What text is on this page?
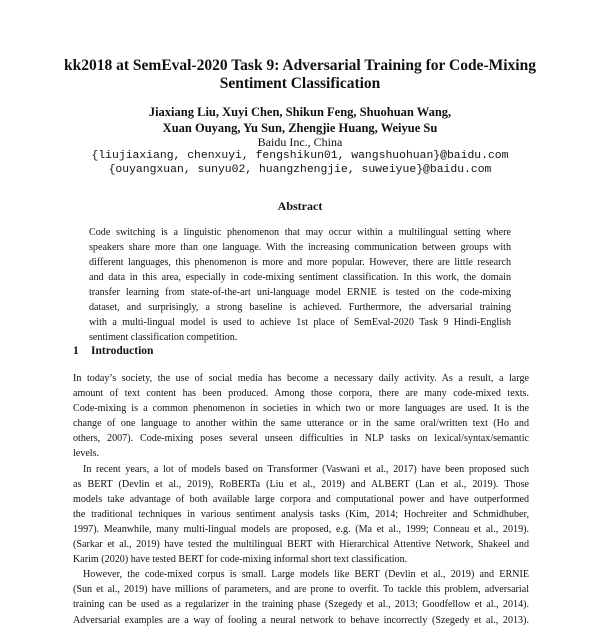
kk2018 at SemEval-2020 Task 9: Adversarial Training for Code-Mixing
Sentiment Classification
Jiaxiang Liu, Xuyi Chen, Shikun Feng, Shuohuan Wang,
Xuan Ouyang, Yu Sun, Zhengjie Huang, Weiyue Su
Baidu Inc., China
{liujiaxiang, chenxuyi, fengshikun01, wangshuohuan}@baidu.com
{ouyangxuan, sunyu02, huangzhengjie, suweiyue}@baidu.com
Abstract
Code switching is a linguistic phenomenon that may occur within a multilingual setting where
speakers share more than one language. With the increasing communication between groups with
different languages, this phenomenon is more and more popular. However, there are little research
and data in this area, especially in code-mixing sentiment classification. In this work, the domain
transfer learning from state-of-the-art uni-language model ERNIE is tested on the code-mixing
dataset, and surprisingly, a strong baseline is achieved. Furthermore, the adversarial training
with a multi-lingual model is used to achieve 1st place of SemEval-2020 Task 9 Hindi-English
sentiment classification competition.
1 Introduction
In today’s society, the use of social media has become a necessary daily activity. As a result, a large
amount of text content has been produced. Among those corpora, there are many code-mixed texts.
Code-mixing is a common phenomenon in societies in which two or more languages are used. It is the
change of one language to another within the same utterance or in the same oral/written text (Ho and
others, 2007). Code-mixing poses several unseen difficulties in NLP tasks on lexical/syntax/semantic
levels.
In recent years, a lot of models based on Transformer (Vaswani et al., 2017) have been proposed such
as BERT (Devlin et al., 2019), RoBERTa (Liu et al., 2019) and ALBERT (Lan et al., 2019). Those
models take advantage of both available large corpora and computational power and have outperformed
the traditional techniques in various sentiment analysis tasks (Kim, 2014; Hochreiter and Schmidhuber,
1997). Meanwhile, many multi-lingual models are proposed, e.g. (Ma et al., 1999; Conneau et al., 2019).
(Sarkar et al., 2019) have tested the multilingual BERT with Hierarchical Attentive Network, Shakeel and
Karim (2020) have tested BERT for code-mixing informal short text classification.
However, the code-mixed corpus is small. Large models like BERT (Devlin et al., 2019) and ERNIE
(Sun et al., 2019) have millions of parameters, and are prone to overfit. To tackle this problem, adversarial
training can be used as a regularizer in the training phase (Szegedy et al., 2013; Goodfellow et al., 2014).
Adversarial examples are a way of fooling a neural network to behave incorrectly (Szegedy et al., 2013).
